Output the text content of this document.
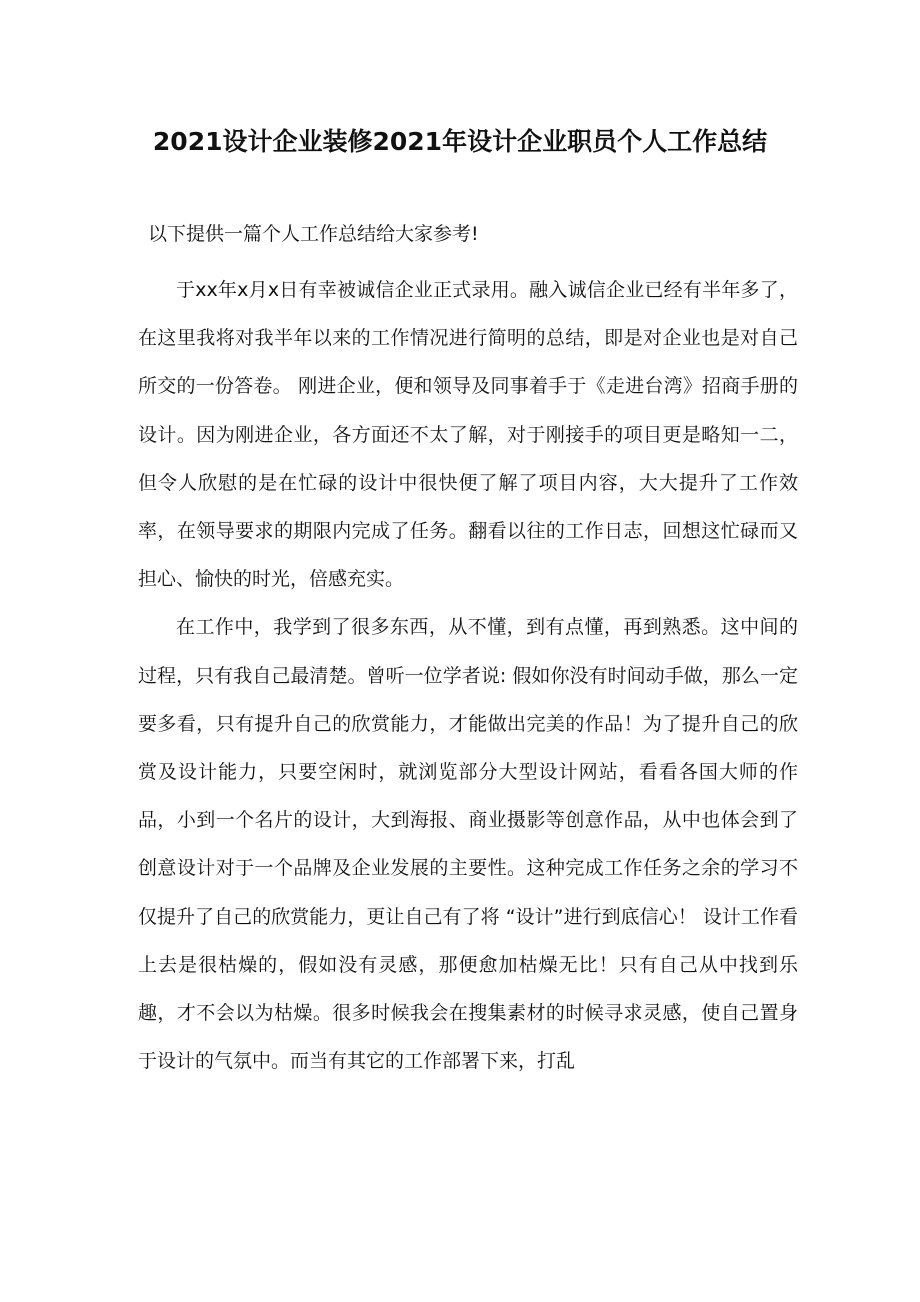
2021设计企业装修2021年设计企业职员个人工作总结

以下提供一篇个人工作总结给大家参考!

于xx年x月x日有幸被诚信企业正式录用。融入诚信企业已经有半年多了，在这里我将对我半年以来的工作情况进行简明的总结，即是对企业也是对自己所交的一份答卷。 刚进企业，便和领导及同事着手于《走进台湾》招商手册的设计。因为刚进企业，各方面还不太了解，对于刚接手的项目更是略知一二，但令人欣慰的是在忙碌的设计中很快便了解了项目内容，大大提升了工作效率，在领导要求的期限内完成了任务。翻看以往的工作日志，回想这忙碌而又担心、愉快的时光，倍感充实。

在工作中，我学到了很多东西，从不懂，到有点懂，再到熟悉。这中间的过程，只有我自己最清楚。曾听一位学者说: 假如你没有时间动手做，那么一定要多看，只有提升自己的欣赏能力，才能做出完美的作品！为了提升自己的欣赏及设计能力，只要空闲时，就浏览部分大型设计网站，看看各国大师的作品，小到一个名片的设计，大到海报、商业摄影等创意作品，从中也体会到了创意设计对于一个品牌及企业发展的主要性。这种完成工作任务之余的学习不仅提升了自己的欣赏能力，更让自己有了将 “设计”进行到底信心！ 设计工作看上去是很枯燥的，假如没有灵感，那便愈加枯燥无比！只有自己从中找到乐趣，才不会以为枯燥。很多时候我会在搜集素材的时候寻求灵感，使自己置身于设计的气氛中。而当有其它的工作部署下来，打乱
